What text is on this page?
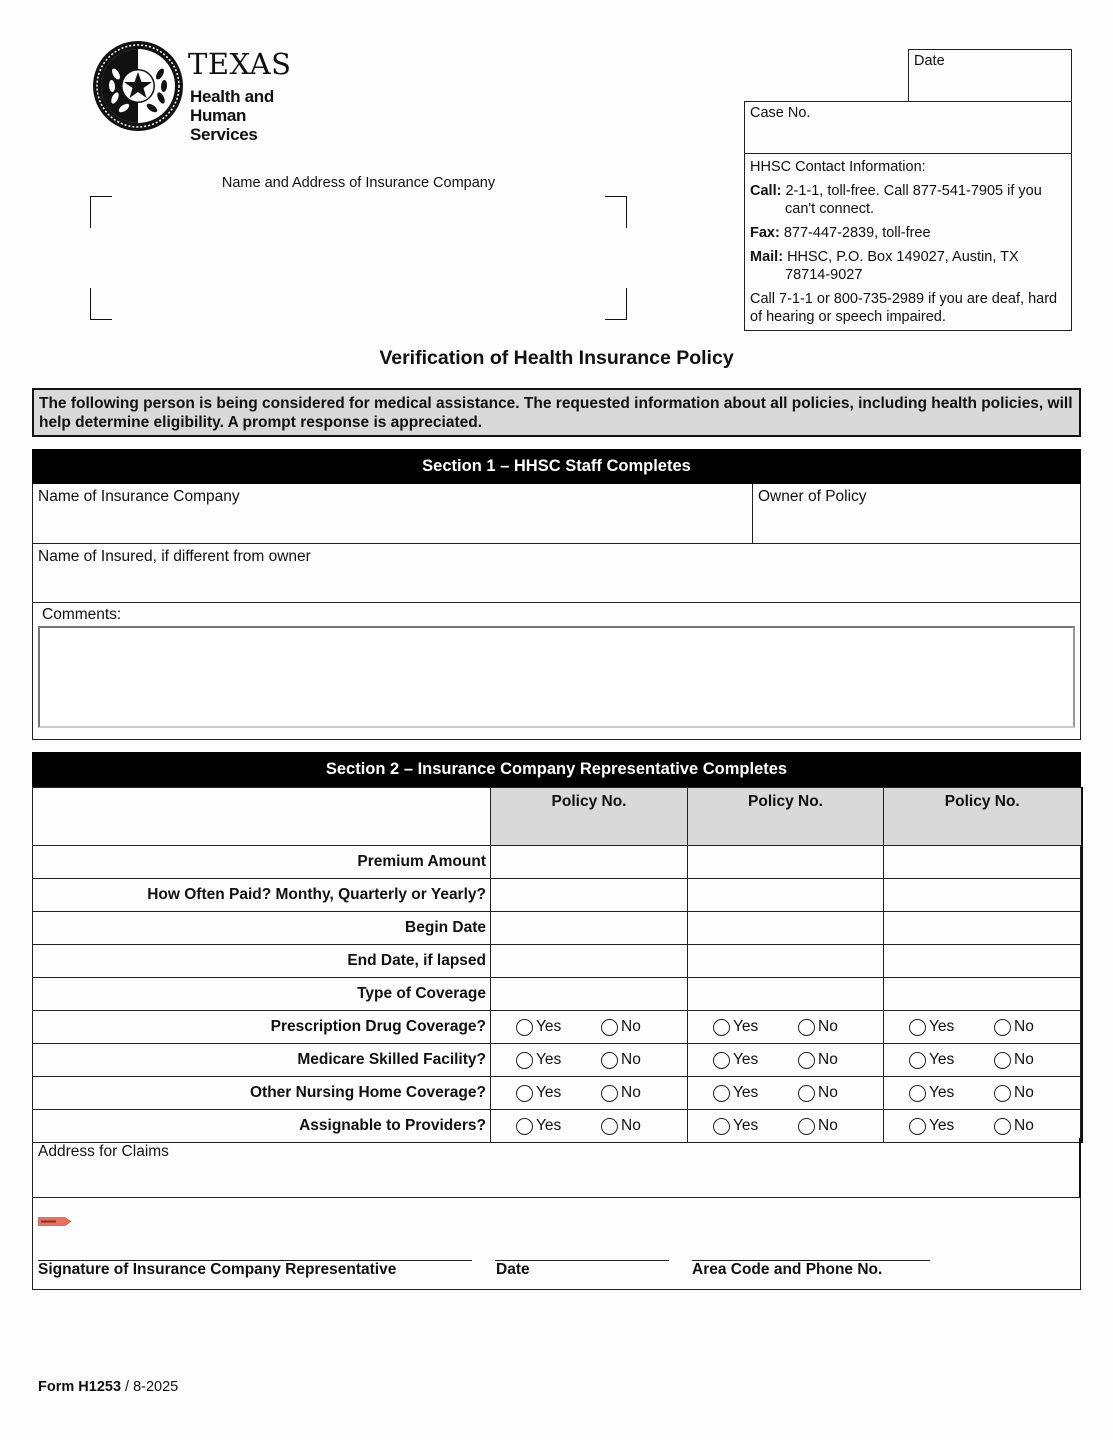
TEXAS
Health and Human
Services
Name and Address of Insurance Company
Date
Case No.
HHSC Contact Information:
Call: 2-1-1, toll-free. Call 877-541-7905 if you can't connect.
Fax: 877-447-2839, toll-free
Mail: HHSC, P.O. Box 149027, Austin, TX 78714-9027
Call 7-1-1 or 800-735-2989 if you are deaf, hard of hearing or speech impaired.
Verification of Health Insurance Policy
The following person is being considered for medical assistance. The requested information about all policies, including health policies, will help determine eligibility. A prompt response is appreciated.
Section 1 – HHSC Staff Completes
Name of Insurance Company	Owner of Policy
Name of Insured, if different from owner
Comments:
Section 2 – Insurance Company Representative Completes
	Policy No.	Policy No.	Policy No.
Premium Amount			
How Often Paid? Monthy, Quarterly or Yearly?			
Begin Date			
End Date, if lapsed			
Type of Coverage			
Prescription Drug Coverage?	Yes No	Yes No	Yes No

Medicare Skilled Facility?	Yes No	Yes No	Yes No

Other Nursing Home Coverage?	Yes No	Yes No	Yes No

Assignable to Providers?	Yes No	Yes No	Yes No
Address for Claims
Signature of Insurance Company Representative	Date	Area Code and Phone No.
Form H1253 / 8-2025
